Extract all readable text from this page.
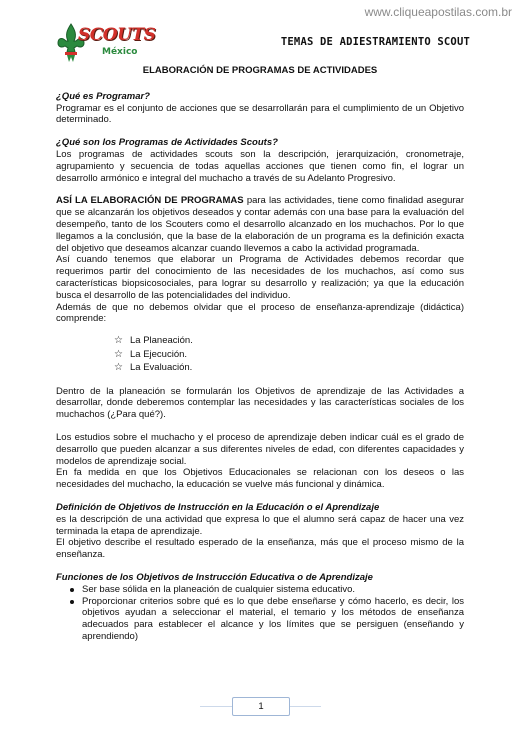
www.cliqueapostilas.com.br
SCOUTS
México
TEMAS DE ADIESTRAMIENTO SCOUT
ELABORACIÓN DE PROGRAMAS DE ACTIVIDADES

¿Qué es Programar?

Programar es el conjunto de acciones que se desarrollarán para el cumplimiento de un Objetivo determinado.

¿Qué son los Programas de Actividades Scouts?

Los programas de actividades scouts son la descripción, jerarquización, cronometraje, agrupamiento y secuencia de todas aquellas acciones que tienen como fin, el lograr un desarrollo armónico e integral del muchacho a través de su Adelanto Progresivo.

ASÍ LA ELABORACIÓN DE PROGRAMAS para las actividades, tiene como finalidad asegurar que se alcanzarán los objetivos deseados y contar además con una base para la evaluación del desempeño, tanto de los Scouters como el desarrollo alcanzado en los muchachos. Por lo que llegamos a la conclusión, que la base de la elaboración de un programa es la definición exacta del objetivo que deseamos alcanzar cuando llevemos a cabo la actividad programada.

Así cuando tenemos que elaborar un Programa de Actividades debemos recordar que requerimos partir del conocimiento de las necesidades de los muchachos, así como sus características biopsicosociales, para lograr su desarrollo y realización; ya que la educación busca el desarrollo de las potencialidades del individuo.

Además de que no debemos olvidar que el proceso de enseñanza-aprendizaje (didáctica) comprende:

☆ La Planeación.
☆ La Ejecución.
☆ La Evaluación.

Dentro de la planeación se formularán los Objetivos de aprendizaje de las Actividades a desarrollar, donde deberemos contemplar las necesidades y las características sociales de los muchachos (¿Para qué?).

Los estudios sobre el muchacho y el proceso de aprendizaje deben indicar cuál es el grado de desarrollo que pueden alcanzar a sus diferentes niveles de edad, con diferentes capacidades y modelos de aprendizaje social.

En fa medida en que los Objetivos Educacionales se relacionan con los deseos o las necesidades del muchacho, la educación se vuelve más funcional y dinámica.

Definición de Objetivos de Instrucción en la Educación o el Aprendizaje

es la descripción de una actividad que expresa lo que el alumno será capaz de hacer una vez terminada la etapa de aprendizaje.

El objetivo describe el resultado esperado de la enseñanza, más que el proceso mismo de la enseñanza.

Funciones de los Objetivos de Instrucción Educativa o de Aprendizaje

Ser base sólida en la planeación de cualquier sistema educativo.
Proporcionar criterios sobre qué es lo que debe enseñarse y cómo hacerlo, es decir, los objetivos ayudan a seleccionar el material, el temario y los métodos de enseñanza adecuados para establecer el alcance y los límites que se persiguen (enseñando y aprendiendo)
1
